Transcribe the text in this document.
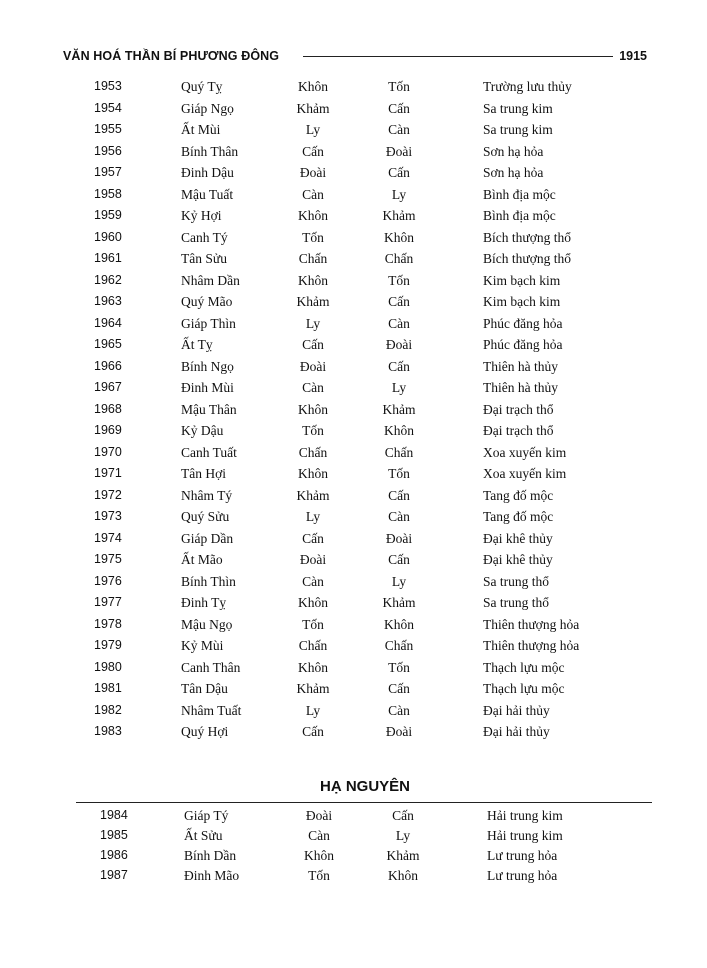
VĂN HOÁ THẦN BÍ PHƯƠNG ĐÔNG	1915
1953	Quý Tỵ	Khôn	Tốn	Trường lưu thủy
1954	Giáp Ngọ	Khảm	Cấn	Sa trung kim
1955	Ất Mùi	Ly	Càn	Sa trung kim
1956	Bính Thân	Cấn	Đoài	Sơn hạ hỏa
1957	Đinh Dậu	Đoài	Cấn	Sơn hạ hỏa
1958	Mậu Tuất	Càn	Ly	Bình địa mộc
1959	Kỷ Hợi	Khôn	Khảm	Bình địa mộc
1960	Canh Tý	Tốn	Khôn	Bích thượng thổ
1961	Tân Sửu	Chấn	Chấn	Bích thượng thổ
1962	Nhâm Dần	Khôn	Tốn	Kim bạch kim
1963	Quý Mão	Khảm	Cấn	Kim bạch kim
1964	Giáp Thìn	Ly	Càn	Phúc đăng hỏa
1965	Ất Tỵ	Cấn	Đoài	Phúc đăng hỏa
1966	Bính Ngọ	Đoài	Cấn	Thiên hà thủy
1967	Đinh Mùi	Càn	Ly	Thiên hà thủy
1968	Mậu Thân	Khôn	Khảm	Đại trạch thổ
1969	Kỷ Dậu	Tốn	Khôn	Đại trạch thổ
1970	Canh Tuất	Chấn	Chấn	Xoa xuyến kim
1971	Tân Hợi	Khôn	Tốn	Xoa xuyến kim
1972	Nhâm Tý	Khảm	Cấn	Tang đố mộc
1973	Quý Sửu	Ly	Càn	Tang đố mộc
1974	Giáp Dần	Cấn	Đoài	Đại khê thủy
1975	Ất Mão	Đoài	Cấn	Đại khê thủy
1976	Bính Thìn	Càn	Ly	Sa trung thổ
1977	Đinh Tỵ	Khôn	Khảm	Sa trung thổ
1978	Mậu Ngọ	Tốn	Khôn	Thiên thượng hỏa
1979	Kỷ Mùi	Chấn	Chấn	Thiên thượng hỏa
1980	Canh Thân	Khôn	Tốn	Thạch lựu mộc
1981	Tân Dậu	Khảm	Cấn	Thạch lựu mộc
1982	Nhâm Tuất	Ly	Càn	Đại hải thủy
1983	Quý Hợi	Cấn	Đoài	Đại hải thủy
HẠ NGUYÊN
1984	Giáp Tý	Đoài	Cấn	Hải trung kim
1985	Ất Sửu	Càn	Ly	Hải trung kim
1986	Bính Dần	Khôn	Khảm	Lư trung hỏa
1987	Đinh Mão	Tốn	Khôn	Lư trung hỏa
